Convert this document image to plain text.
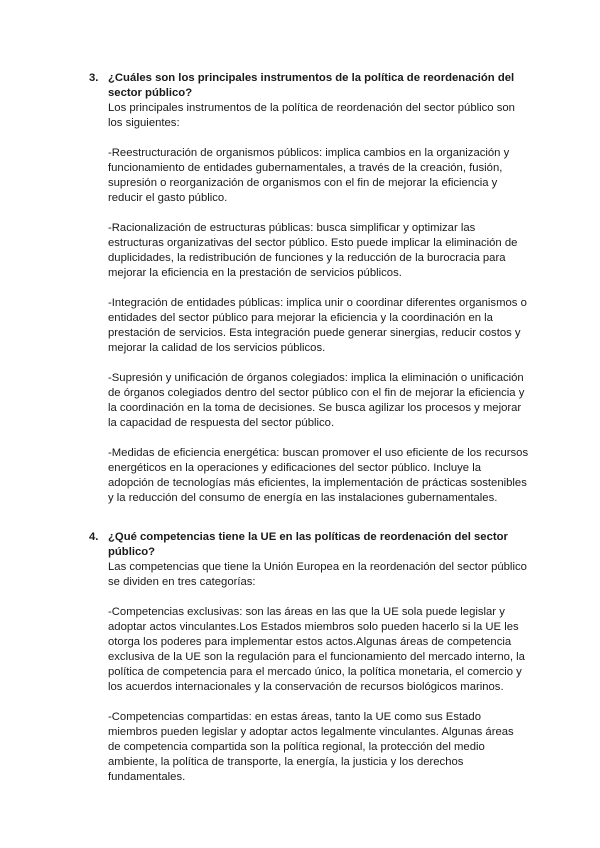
3. ¿Cuáles son los principales instrumentos de la política de reordenación del sector público?

Los principales instrumentos de la política de reordenación del sector público son los siguientes:

-Reestructuración de organismos públicos: implica cambios en la organización y funcionamiento de entidades gubernamentales, a través de la creación, fusión, supresión o reorganización de organismos con el fin de mejorar la eficiencia y reducir el gasto público.

-Racionalización de estructuras públicas: busca simplificar y optimizar las estructuras organizativas del sector público. Esto puede implicar la eliminación de duplicidades, la redistribución de funciones y la reducción de la burocracia para mejorar la eficiencia en la prestación de servicios públicos.

-Integración de entidades públicas: implica unir o coordinar diferentes organismos o entidades del sector público para mejorar la eficiencia y la coordinación en la prestación de servicios. Esta integración puede generar sinergias, reducir costos y mejorar la calidad de los servicios públicos.

-Supresión y unificación de órganos colegiados: implica la eliminación o unificación de órganos colegiados dentro del sector público con el fin de mejorar la eficiencia y la coordinación en la toma de decisiones. Se busca agilizar los procesos y mejorar la capacidad de respuesta del sector público.

-Medidas de eficiencia energética: buscan promover el uso eficiente de los recursos energéticos en la operaciones y edificaciones del sector público. Incluye la adopción de tecnologías más eficientes, la implementación de prácticas sostenibles y la reducción del consumo de energía en las instalaciones gubernamentales.

4. ¿Qué competencias tiene la UE en las políticas de reordenación del sector público?

Las competencias que tiene la Unión Europea en la reordenación del sector público se dividen en tres categorías:

-Competencias exclusivas: son las áreas en las que la UE sola puede legislar y adoptar actos vinculantes.Los Estados miembros solo pueden hacerlo si la UE les otorga los poderes para implementar estos actos.Algunas áreas de competencia exclusiva de la UE son la regulación para el funcionamiento del mercado interno, la política de competencia para el mercado único, la política monetaria, el comercio y los acuerdos internacionales y la conservación de recursos biológicos marinos.

-Competencias compartidas: en estas áreas, tanto la UE como sus Estado miembros pueden legislar y adoptar actos legalmente vinculantes. Algunas áreas de competencia compartida son la política regional, la protección del medio ambiente, la política de transporte, la energía, la justicia y los derechos fundamentales.
